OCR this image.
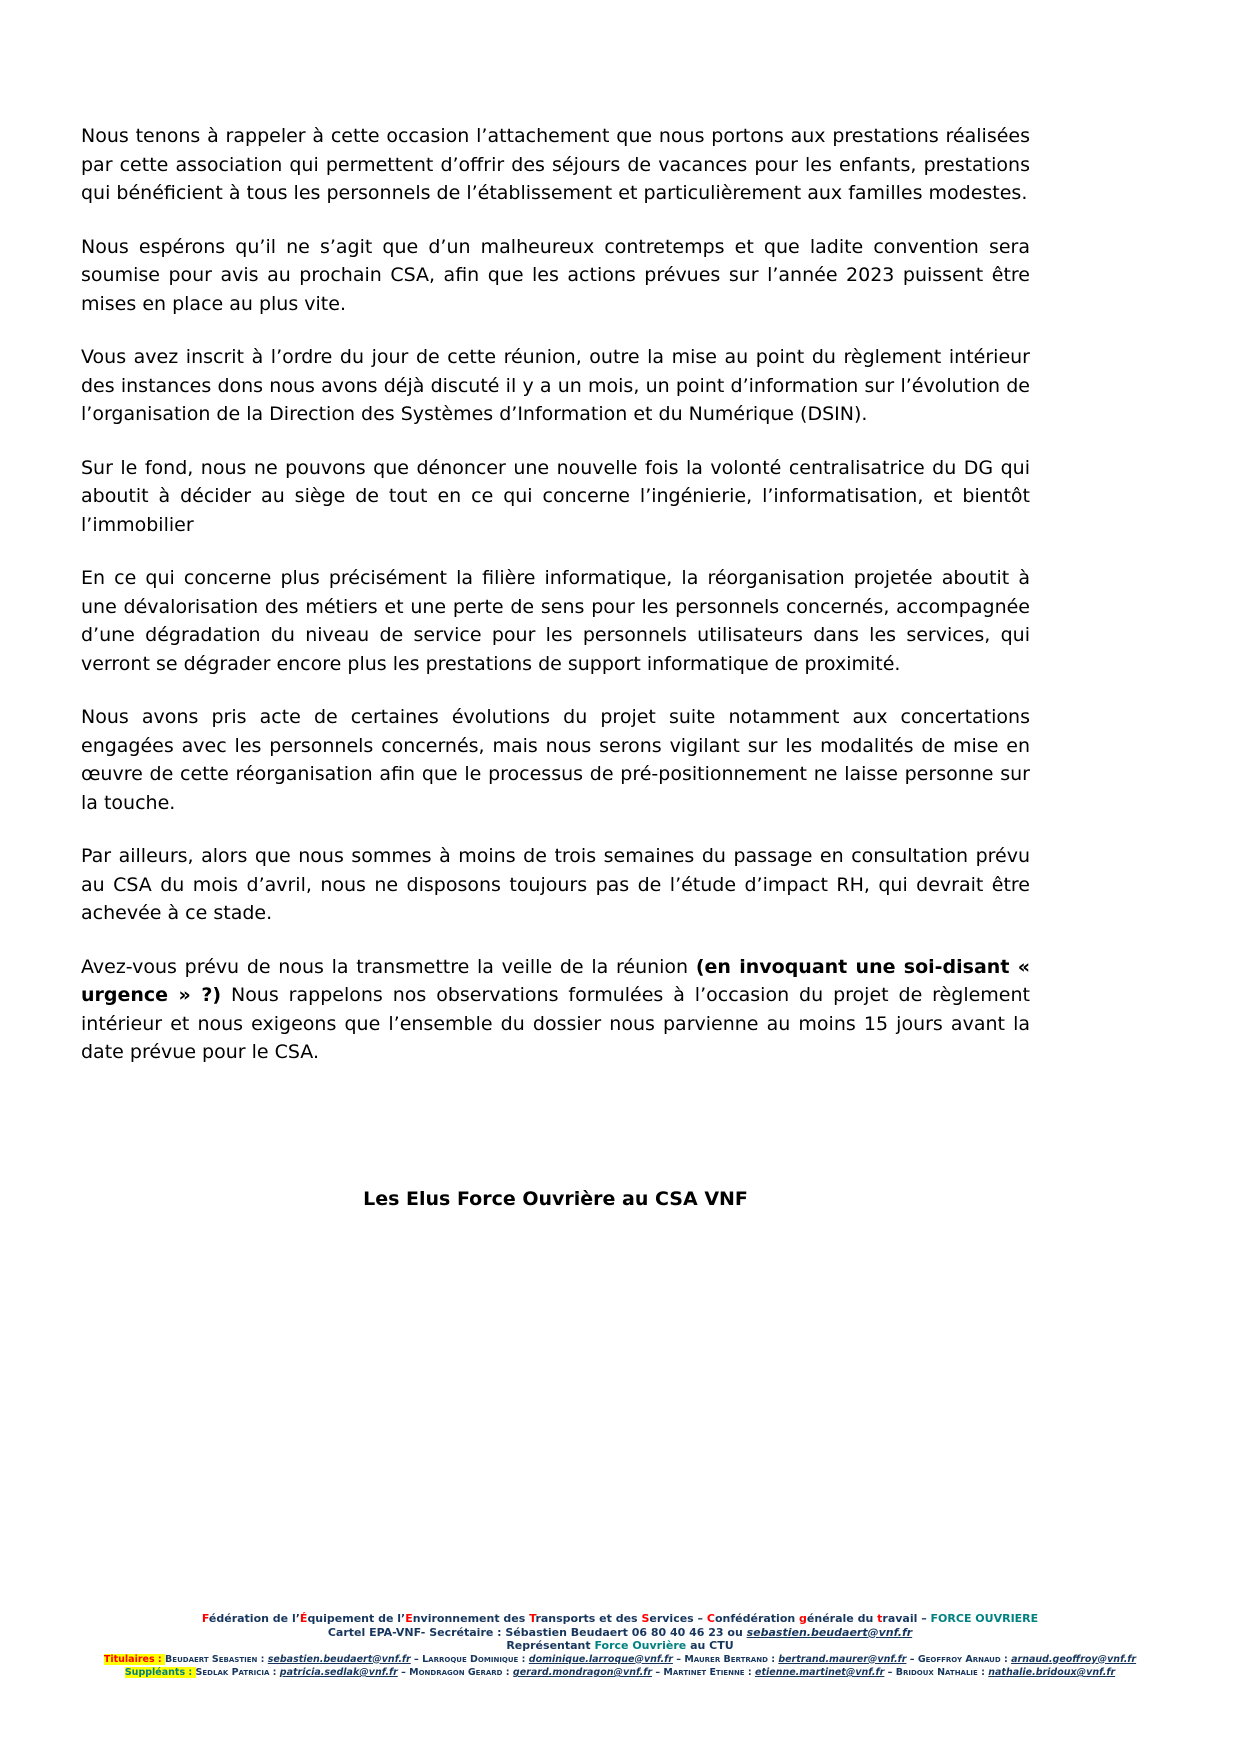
Nous tenons à rappeler à cette occasion l’attachement que nous portons aux prestations réalisées par cette association qui permettent d’offrir des séjours de vacances pour les enfants, prestations qui bénéficient à tous les personnels de l’établissement et particulièrement aux familles modestes.

Nous espérons qu’il ne s’agit que d’un malheureux contretemps et que ladite convention sera soumise pour avis au prochain CSA, afin que les actions prévues sur l’année 2023 puissent être mises en place au plus vite.

Vous avez inscrit à l’ordre du jour de cette réunion, outre la mise au point du règlement intérieur des instances dons nous avons déjà discuté il y a un mois, un point d’information sur l’évolution de l’organisation de la Direction des Systèmes d’Information et du Numérique (DSIN).

Sur le fond, nous ne pouvons que dénoncer une nouvelle fois la volonté centralisatrice du DG qui aboutit à décider au siège de tout en ce qui concerne l’ingénierie, l’informatisation, et bientôt l’immobilier

En ce qui concerne plus précisément la filière informatique, la réorganisation projetée aboutit à une dévalorisation des métiers et une perte de sens pour les personnels concernés, accompagnée d’une dégradation du niveau de service pour les personnels utilisateurs dans les services, qui verront se dégrader encore plus les prestations de support informatique de proximité.

Nous avons pris acte de certaines évolutions du projet suite notamment aux concertations engagées avec les personnels concernés, mais nous serons vigilant sur les modalités de mise en œuvre de cette réorganisation afin que le processus de pré-positionnement ne laisse personne sur la touche.

Par ailleurs, alors que nous sommes à moins de trois semaines du passage en consultation prévu au CSA du mois d’avril, nous ne disposons toujours pas de l’étude d’impact RH, qui devrait être achevée à ce stade.

Avez-vous prévu de nous la transmettre la veille de la réunion (en invoquant une soi-disant « urgence » ?) Nous rappelons nos observations formulées à l’occasion du projet de règlement intérieur et nous exigeons que l’ensemble du dossier nous parvienne au moins 15 jours avant la date prévue pour le CSA.

Les Elus Force Ouvrière au CSA VNF

Fédération de l’Équipement de l’Environnement des Transports et des Services – Confédération générale du travail – FORCE OUVRIERE
Cartel EPA-VNF- Secrétaire : Sébastien Beudaert 06 80 40 46 23 ou sebastien.beudaert@vnf.fr
Représentant Force Ouvrière au CTU
Titulaires : Beudaert Sebastien : sebastien.beudaert@vnf.fr – Larroque Dominique : dominique.larroque@vnf.fr – Maurer Bertrand : bertrand.maurer@vnf.fr – Geoffroy Arnaud : arnaud.geoffroy@vnf.fr
Suppléants : Sedlak Patricia : patricia.sedlak@vnf.fr – Mondragon Gerard : gerard.mondragon@vnf.fr – Martinet Etienne : etienne.martinet@vnf.fr – Bridoux Nathalie : nathalie.bridoux@vnf.fr
